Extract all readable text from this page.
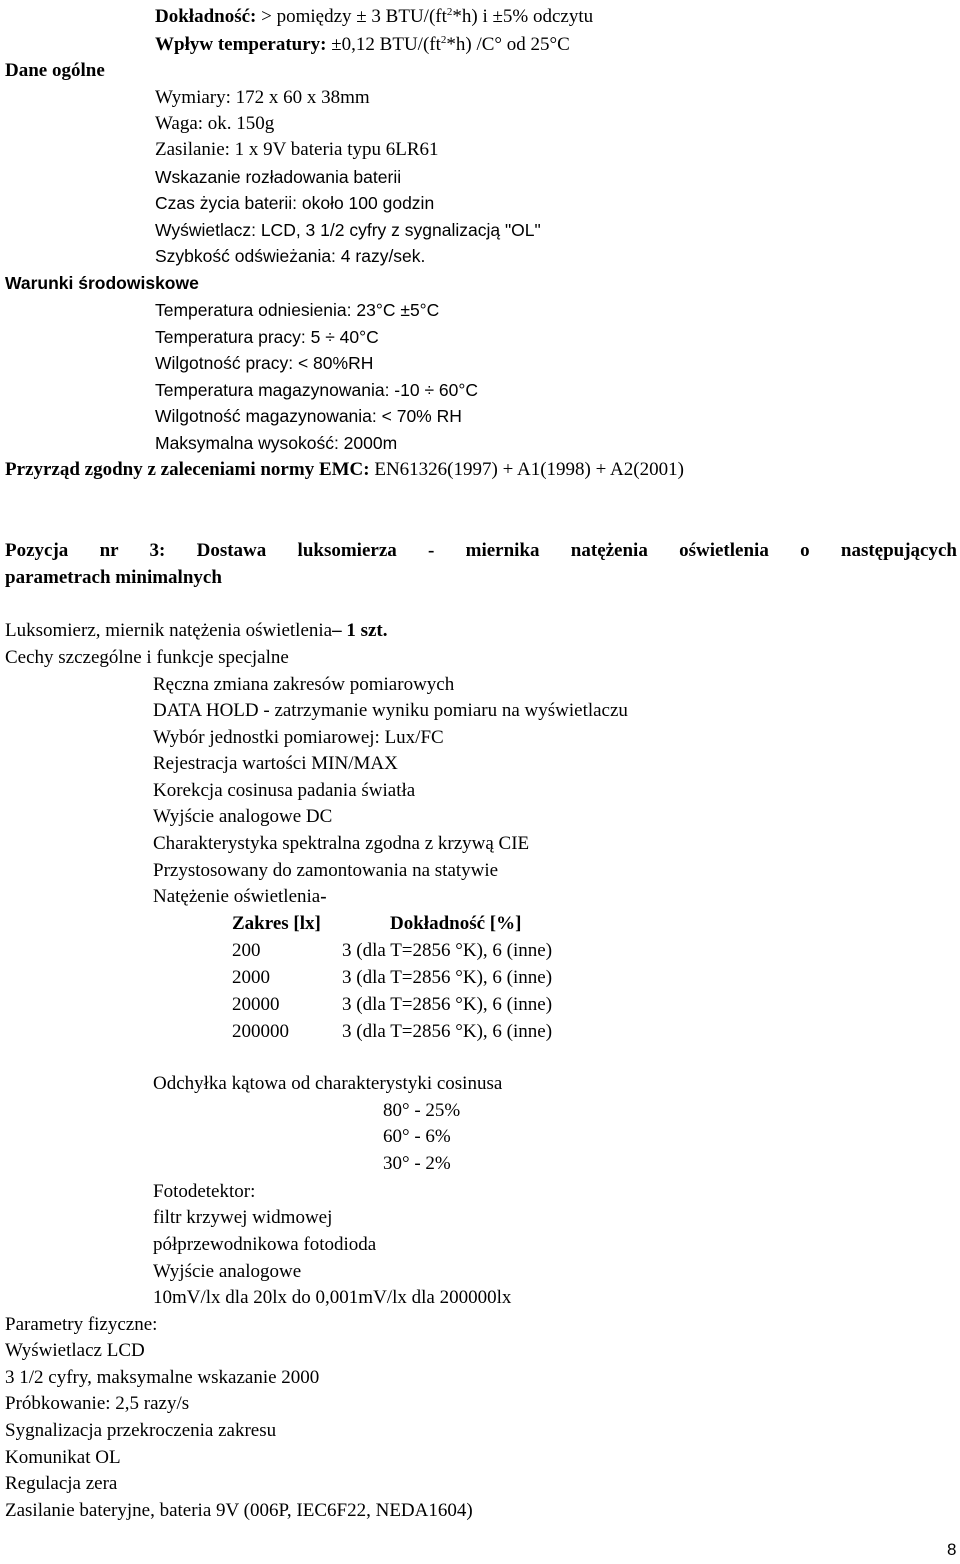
Dokładność: > pomiędzy ± 3 BTU/$(ft^2*h)$ i ±5% odczytu
Wpływ temperatury: ±0,12 BTU/$(ft^2*h)$ /C° od 25°C
Dane ogólne
Wymiary: 172 x 60 x 38mm
Waga: ok. 150g
Zasilanie: 1 x 9V bateria typu 6LR61
Wskazanie rozładowania baterii
Czas życia baterii: około 100 godzin
Wyświetlacz: LCD, 3 1/2 cyfry z sygnalizacją "OL"
Szybkość odświeżania: 4 razy/sek.
Warunki środowiskowe
Temperatura odniesienia: 23°C ±5°C
Temperatura pracy: 5 ÷ 40°C
Wilgotność pracy: < 80%RH
Temperatura magazynowania: -10 ÷ 60°C
Wilgotność magazynowania: < 70% RH
Maksymalna wysokość: 2000m
Przyrząd zgodny z zaleceniami normy EMC: EN61326(1997) + A1(1998) + A2(2001)
Pozycja nr 3: Dostawa luksomierza - miernika natężenia oświetlenia o następujących
parametrach minimalnych
Luksomierz, miernik natężenia oświetlenia– 1 szt.
Cechy szczególne i funkcje specjalne
Ręczna zmiana zakresów pomiarowych
DATA HOLD - zatrzymanie wyniku pomiaru na wyświetlaczu
Wybór jednostki pomiarowej: Lux/FC
Rejestracja wartości MIN/MAX
Korekcja cosinusa padania światła
Wyjście analogowe DC
Charakterystyka spektralna zgodna z krzywą CIE
Przystosowany do zamontowania na statywie
Natężenie oświetlenia-
Zakres [lx]	Dokładność [%]
200	3 (dla T=2856 °K), 6 (inne)
2000	3 (dla T=2856 °K), 6 (inne)
20000	3 (dla T=2856 °K), 6 (inne)
200000	3 (dla T=2856 °K), 6 (inne)
Odchyłka kątowa od charakterystyki cosinusa
80° - 25%
60° - 6%
30° - 2%
Fotodetektor:
filtr krzywej widmowej
półprzewodnikowa fotodioda
Wyjście analogowe
10mV/lx dla 20lx do 0,001mV/lx dla 200000lx
Parametry fizyczne:
Wyświetlacz LCD
3 1/2 cyfry, maksymalne wskazanie 2000
Próbkowanie: 2,5 razy/s
Sygnalizacja przekroczenia zakresu
Komunikat OL
Regulacja zera
Zasilanie bateryjne, bateria 9V (006P, IEC6F22, NEDA1604)
8
